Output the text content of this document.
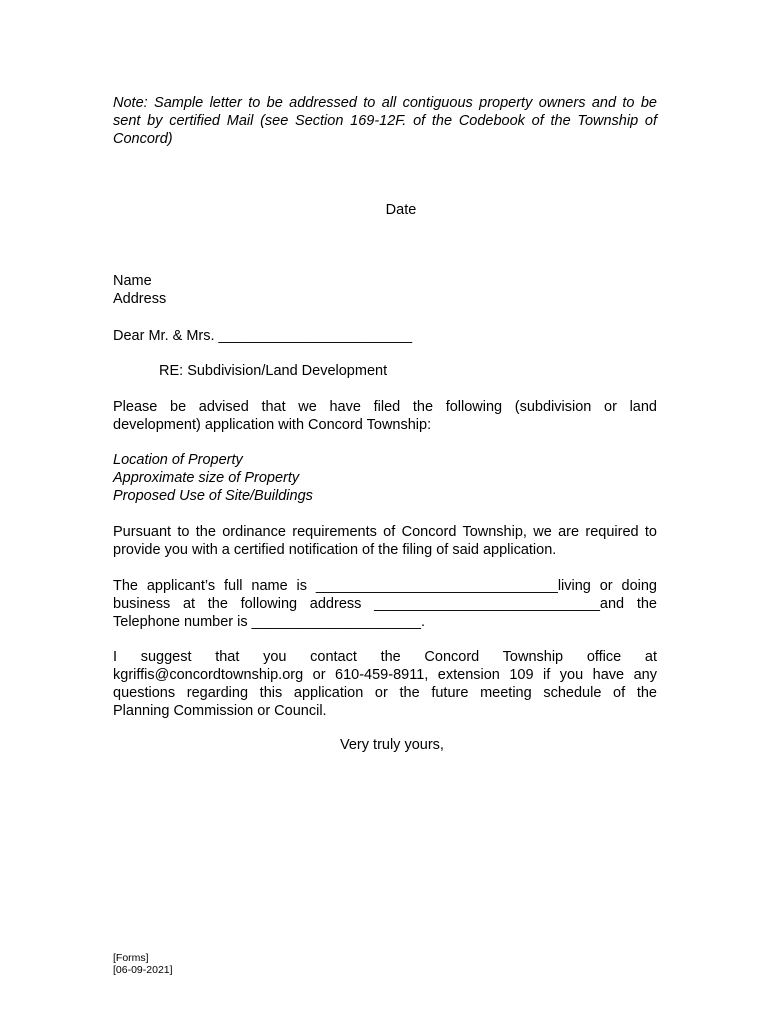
Note: Sample letter to be addressed to all contiguous property owners and to be
sent by certified Mail (see Section 169-12F. of the Codebook of the Township of
Concord)
Date
Name
Address
Dear Mr. & Mrs. ________________________
RE: Subdivision/Land Development
Please be advised that we have filed the following (subdivision or land
development) application with Concord Township:
Location of Property
Approximate size of Property
Proposed Use of Site/Buildings
Pursuant to the ordinance requirements of Concord Township, we are required to
provide you with a certified notification of the filing of said application.
The applicant’s full name is ______________________________living or doing
business at the following address ____________________________and the
Telephone number is _____________________.
I suggest that you contact the Concord Township office at
kgriffis@concordtownship.org or 610-459-8911, extension 109 if you have any
questions regarding this application or the future meeting schedule of the
Planning Commission or Council.
Very truly yours,
[Forms]
[06-09-2021]
